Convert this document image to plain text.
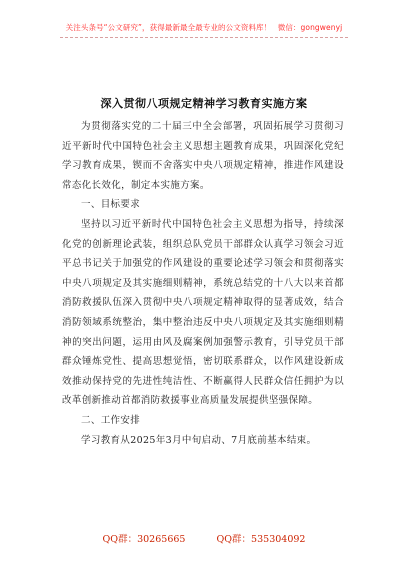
关注头条号“公文研究”，获得最新最全最专业的公文资料库！ 微信：gongwenyj
深入贯彻八项规定精神学习教育实施方案

为贯彻落实党的二十届三中全会部署，巩固拓展学习贯彻习近平新时代中国特色社会主义思想主题教育成果，巩固深化党纪学习教育成果，锲而不舍落实中央八项规定精神，推进作风建设常态化长效化，制定本实施方案。

一、目标要求

坚持以习近平新时代中国特色社会主义思想为指导，持续深化党的创新理论武装，组织总队党员干部群众认真学习领会习近平总书记关于加强党的作风建设的重要论述学习领会和贯彻落实中央八项规定及其实施细则精神，系统总结党的十八大以来首都消防救援队伍深入贯彻中央八项规定精神取得的显著成效，结合消防领域系统整治，集中整治违反中央八项规定及其实施细则精神的突出问题，运用由风及腐案例加强警示教育，引导党员干部群众锤炼党性、提高思想觉悟，密切联系群众，以作风建设新成效推动保持党的先进性纯洁性、不断赢得人民群众信任拥护为以改革创新推动首都消防救援事业高质量发展提供坚强保障。

二、工作安排

学习教育从2025年3月中旬启动、7月底前基本结束。

QQ群：30265665	QQ群：535304092
